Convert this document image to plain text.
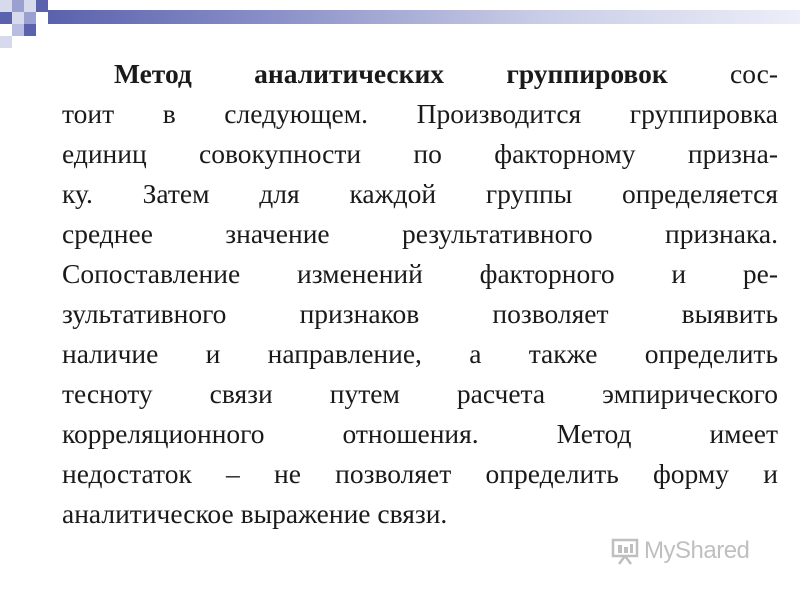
Метод аналитических группировок сос-
тоит в следующем. Производится группировка
единиц совокупности по факторному призна-
ку. Затем для каждой группы определяется
среднее значение результативного признака.
Сопоставление изменений факторного и ре-
зультативного признаков позволяет выявить
наличие и направление, а также определить
тесноту связи путем расчета эмпирического
корреляционного отношения. Метод имеет
недостаток – не позволяет определить форму и
аналитическое выражение связи.
MyShared
